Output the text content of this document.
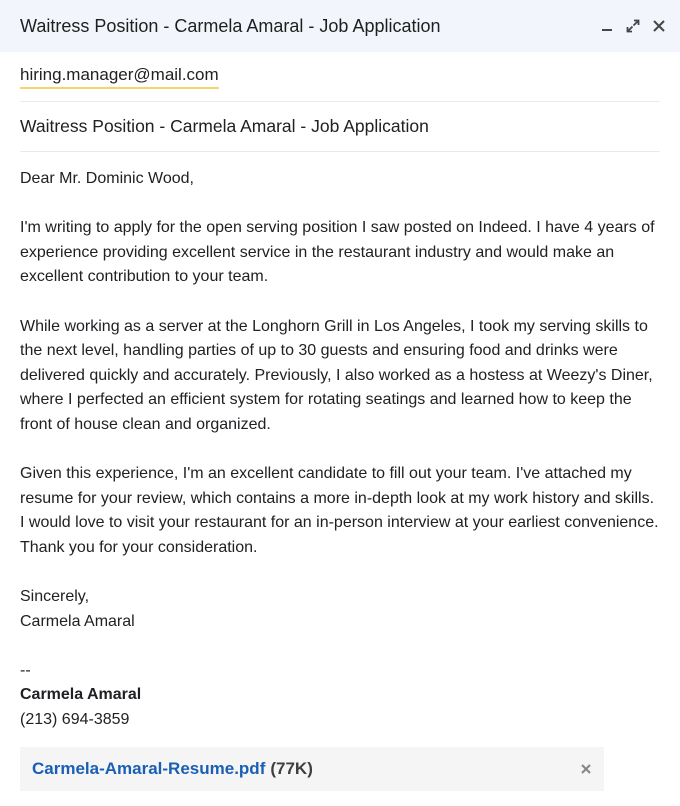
Waitress Position - Carmela Amaral - Job Application
hiring.manager@mail.com
Waitress Position - Carmela Amaral - Job Application

Dear Mr. Dominic Wood,

I'm writing to apply for the open serving position I saw posted on Indeed. I have 4 years of experience providing excellent service in the restaurant industry and would make an excellent contribution to your team.

While working as a server at the Longhorn Grill in Los Angeles, I took my serving skills to the next level, handling parties of up to 30 guests and ensuring food and drinks were delivered quickly and accurately. Previously, I also worked as a hostess at Weezy's Diner, where I perfected an efficient system for rotating seatings and learned how to keep the front of house clean and organized.

Given this experience, I'm an excellent candidate to fill out your team. I've attached my resume for your review, which contains a more in-depth look at my work history and skills. I would love to visit your restaurant for an in-person interview at your earliest convenience. Thank you for your consideration.

Sincerely,
Carmela Amaral
--
Carmela Amaral
(213) 694-3859
Carmela-Amaral-Resume.pdf (77K)
